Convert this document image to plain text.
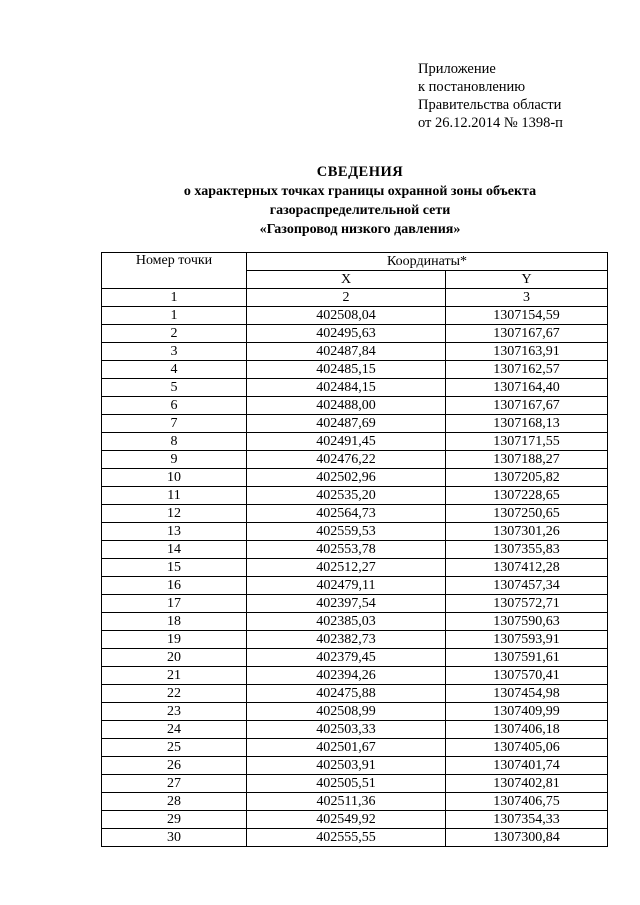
Приложение
к постановлению
Правительства области
от 26.12.2014 № 1398-п
СВЕДЕНИЯ
о характерных точках границы охранной зоны объекта
газораспределительной сети
«Газопровод низкого давления»
Номер точки	Координаты*	
	X	Y
1	2	3
1	402508,04	1307154,59
2	402495,63	1307167,67
3	402487,84	1307163,91
4	402485,15	1307162,57
5	402484,15	1307164,40
6	402488,00	1307167,67
7	402487,69	1307168,13
8	402491,45	1307171,55
9	402476,22	1307188,27
10	402502,96	1307205,82
11	402535,20	1307228,65
12	402564,73	1307250,65
13	402559,53	1307301,26
14	402553,78	1307355,83
15	402512,27	1307412,28
16	402479,11	1307457,34
17	402397,54	1307572,71
18	402385,03	1307590,63
19	402382,73	1307593,91
20	402379,45	1307591,61
21	402394,26	1307570,41
22	402475,88	1307454,98
23	402508,99	1307409,99
24	402503,33	1307406,18
25	402501,67	1307405,06
26	402503,91	1307401,74
27	402505,51	1307402,81
28	402511,36	1307406,75
29	402549,92	1307354,33
30	402555,55	1307300,84
